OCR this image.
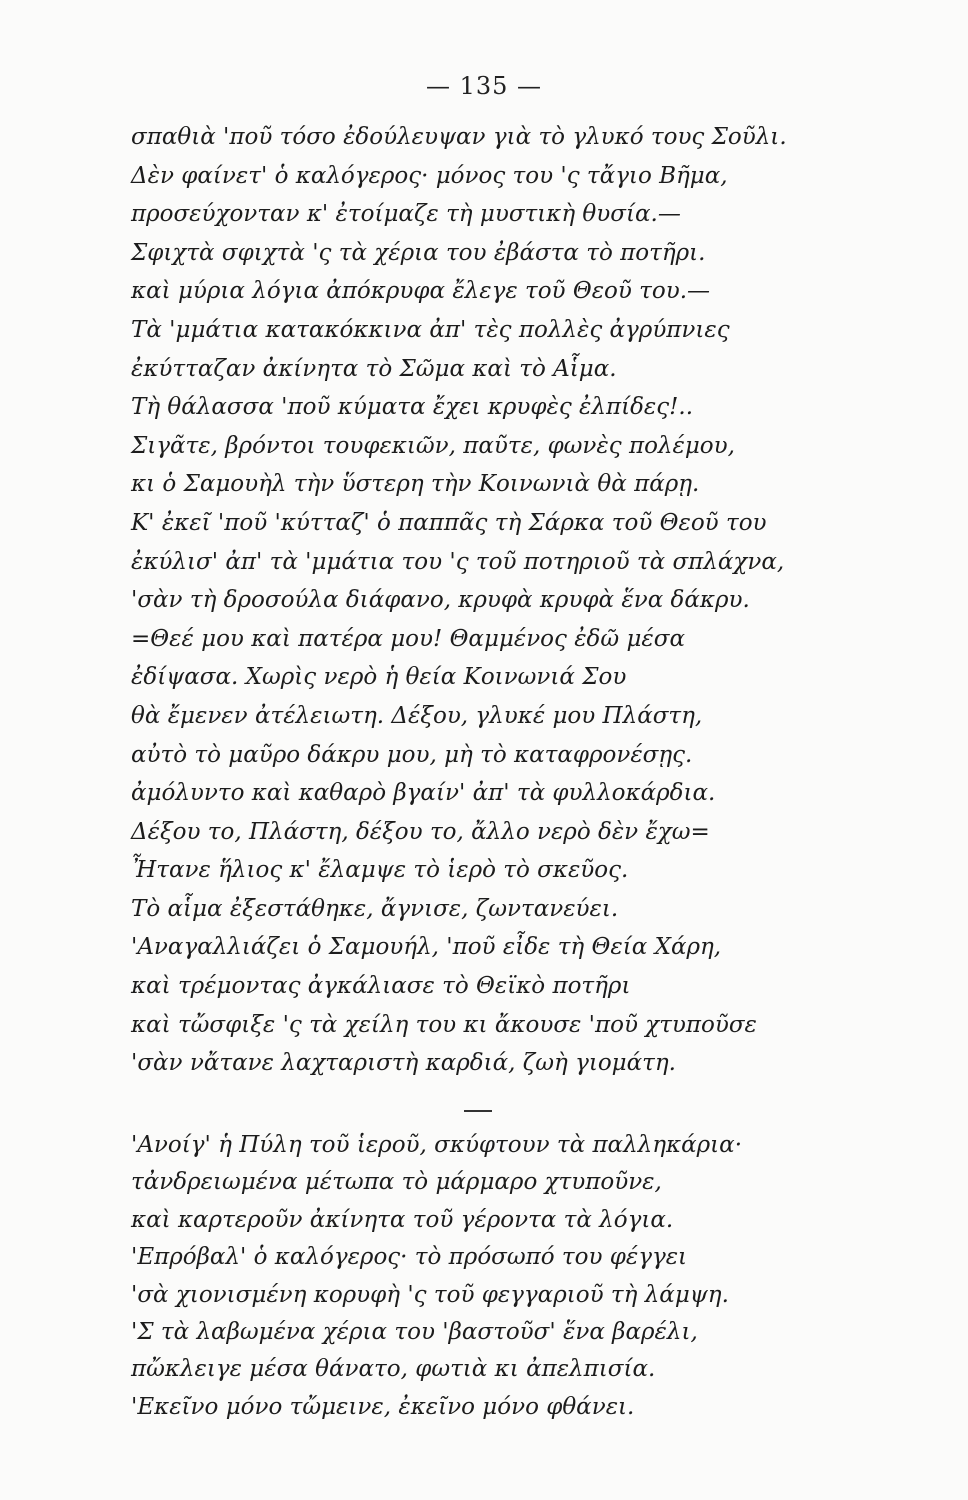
— 135 —
σπαθιὰ 'ποῦ τόσο ἐδούλευψαν γιὰ τὸ γλυκό τους Σοῦλι.
Δὲν φαίνετ' ὁ καλόγερος· μόνος του 'ς τἄγιο Βῆμα,
προσεύχονταν κ' ἐτοίμαζε τὴ μυστικὴ θυσία.—
Σφιχτὰ σφιχτὰ 'ς τὰ χέρια του ἐβάστα τὸ ποτῆρι.
καὶ μύρια λόγια ἀπόκρυφα ἔλεγε τοῦ Θεοῦ του.—
Τὰ 'μμάτια κατακόκκινα ἀπ' τὲς πολλὲς ἀγρύπνιες
ἐκύτταζαν ἀκίνητα τὸ Σῶμα καὶ τὸ Αἷμα.
Τὴ θάλασσα 'ποῦ κύματα ἔχει κρυφὲς ἐλπίδες!..
Σιγᾶτε, βρόντοι τουφεκιῶν, παῦτε, φωνὲς πολέμου,
κι ὁ Σαμουὴλ τὴν ὕστερη τὴν Κοινωνιὰ θὰ πάρῃ.
Κ' ἐκεῖ 'ποῦ 'κύτταζ' ὁ παππᾶς τὴ Σάρκα τοῦ Θεοῦ του
ἐκύλισ' ἀπ' τὰ 'μμάτια του 'ς τοῦ ποτηριοῦ τὰ σπλάχνα,
'σὰν τὴ δροσούλα διάφανο, κρυφὰ κρυφὰ ἕνα δάκρυ.
=Θεέ μου καὶ πατέρα μου! Θαμμένος ἐδῶ μέσα
ἐδίψασα. Χωρὶς νερὸ ἡ θεία Κοινωνιά Σου
θὰ ἔμενεν ἀτέλειωτη. Δέξου, γλυκέ μου Πλάστη,
αὐτὸ τὸ μαῦρο δάκρυ μου, μὴ τὸ καταφρονέσῃς.
ἀμόλυντο καὶ καθαρὸ βγαίν' ἀπ' τὰ φυλλοκάρδια.
Δέξου το, Πλάστη, δέξου το, ἄλλο νερὸ δὲν ἔχω=
Ἦτανε ἥλιος κ' ἔλαμψε τὸ ἱερὸ τὸ σκεῦος.
Τὸ αἷμα ἐξεστάθηκε, ἄγνισε, ζωντανεύει.
'Αναγαλλιάζει ὁ Σαμουήλ, 'ποῦ εἶδε τὴ Θεία Χάρη,
καὶ τρέμοντας ἀγκάλιασε τὸ Θεϊκὸ ποτῆρι
καὶ τὤσφιξε 'ς τὰ χείλη του κι ἄκουσε 'ποῦ χτυποῦσε
'σὰν νἄτανε λαχταριστὴ καρδιά, ζωὴ γιομάτη.
'Ανοίγ' ἡ Πύλη τοῦ ἱεροῦ, σκύφτουν τὰ παλληκάρια·
τἀνδρειωμένα μέτωπα τὸ μάρμαρο χτυποῦνε,
καὶ καρτεροῦν ἀκίνητα τοῦ γέροντα τὰ λόγια.
'Επρόβαλ' ὁ καλόγερος· τὸ πρόσωπό του φέγγει
'σὰ χιονισμένη κορυφὴ 'ς τοῦ φεγγαριοῦ τὴ λάμψη.
'Σ τὰ λαβωμένα χέρια του 'βαστοῦσ' ἕνα βαρέλι,
πὤκλειγε μέσα θάνατο, φωτιὰ κι ἀπελπισία.
'Εκεῖνο μόνο τὤμεινε, ἐκεῖνο μόνο φθάνει.
